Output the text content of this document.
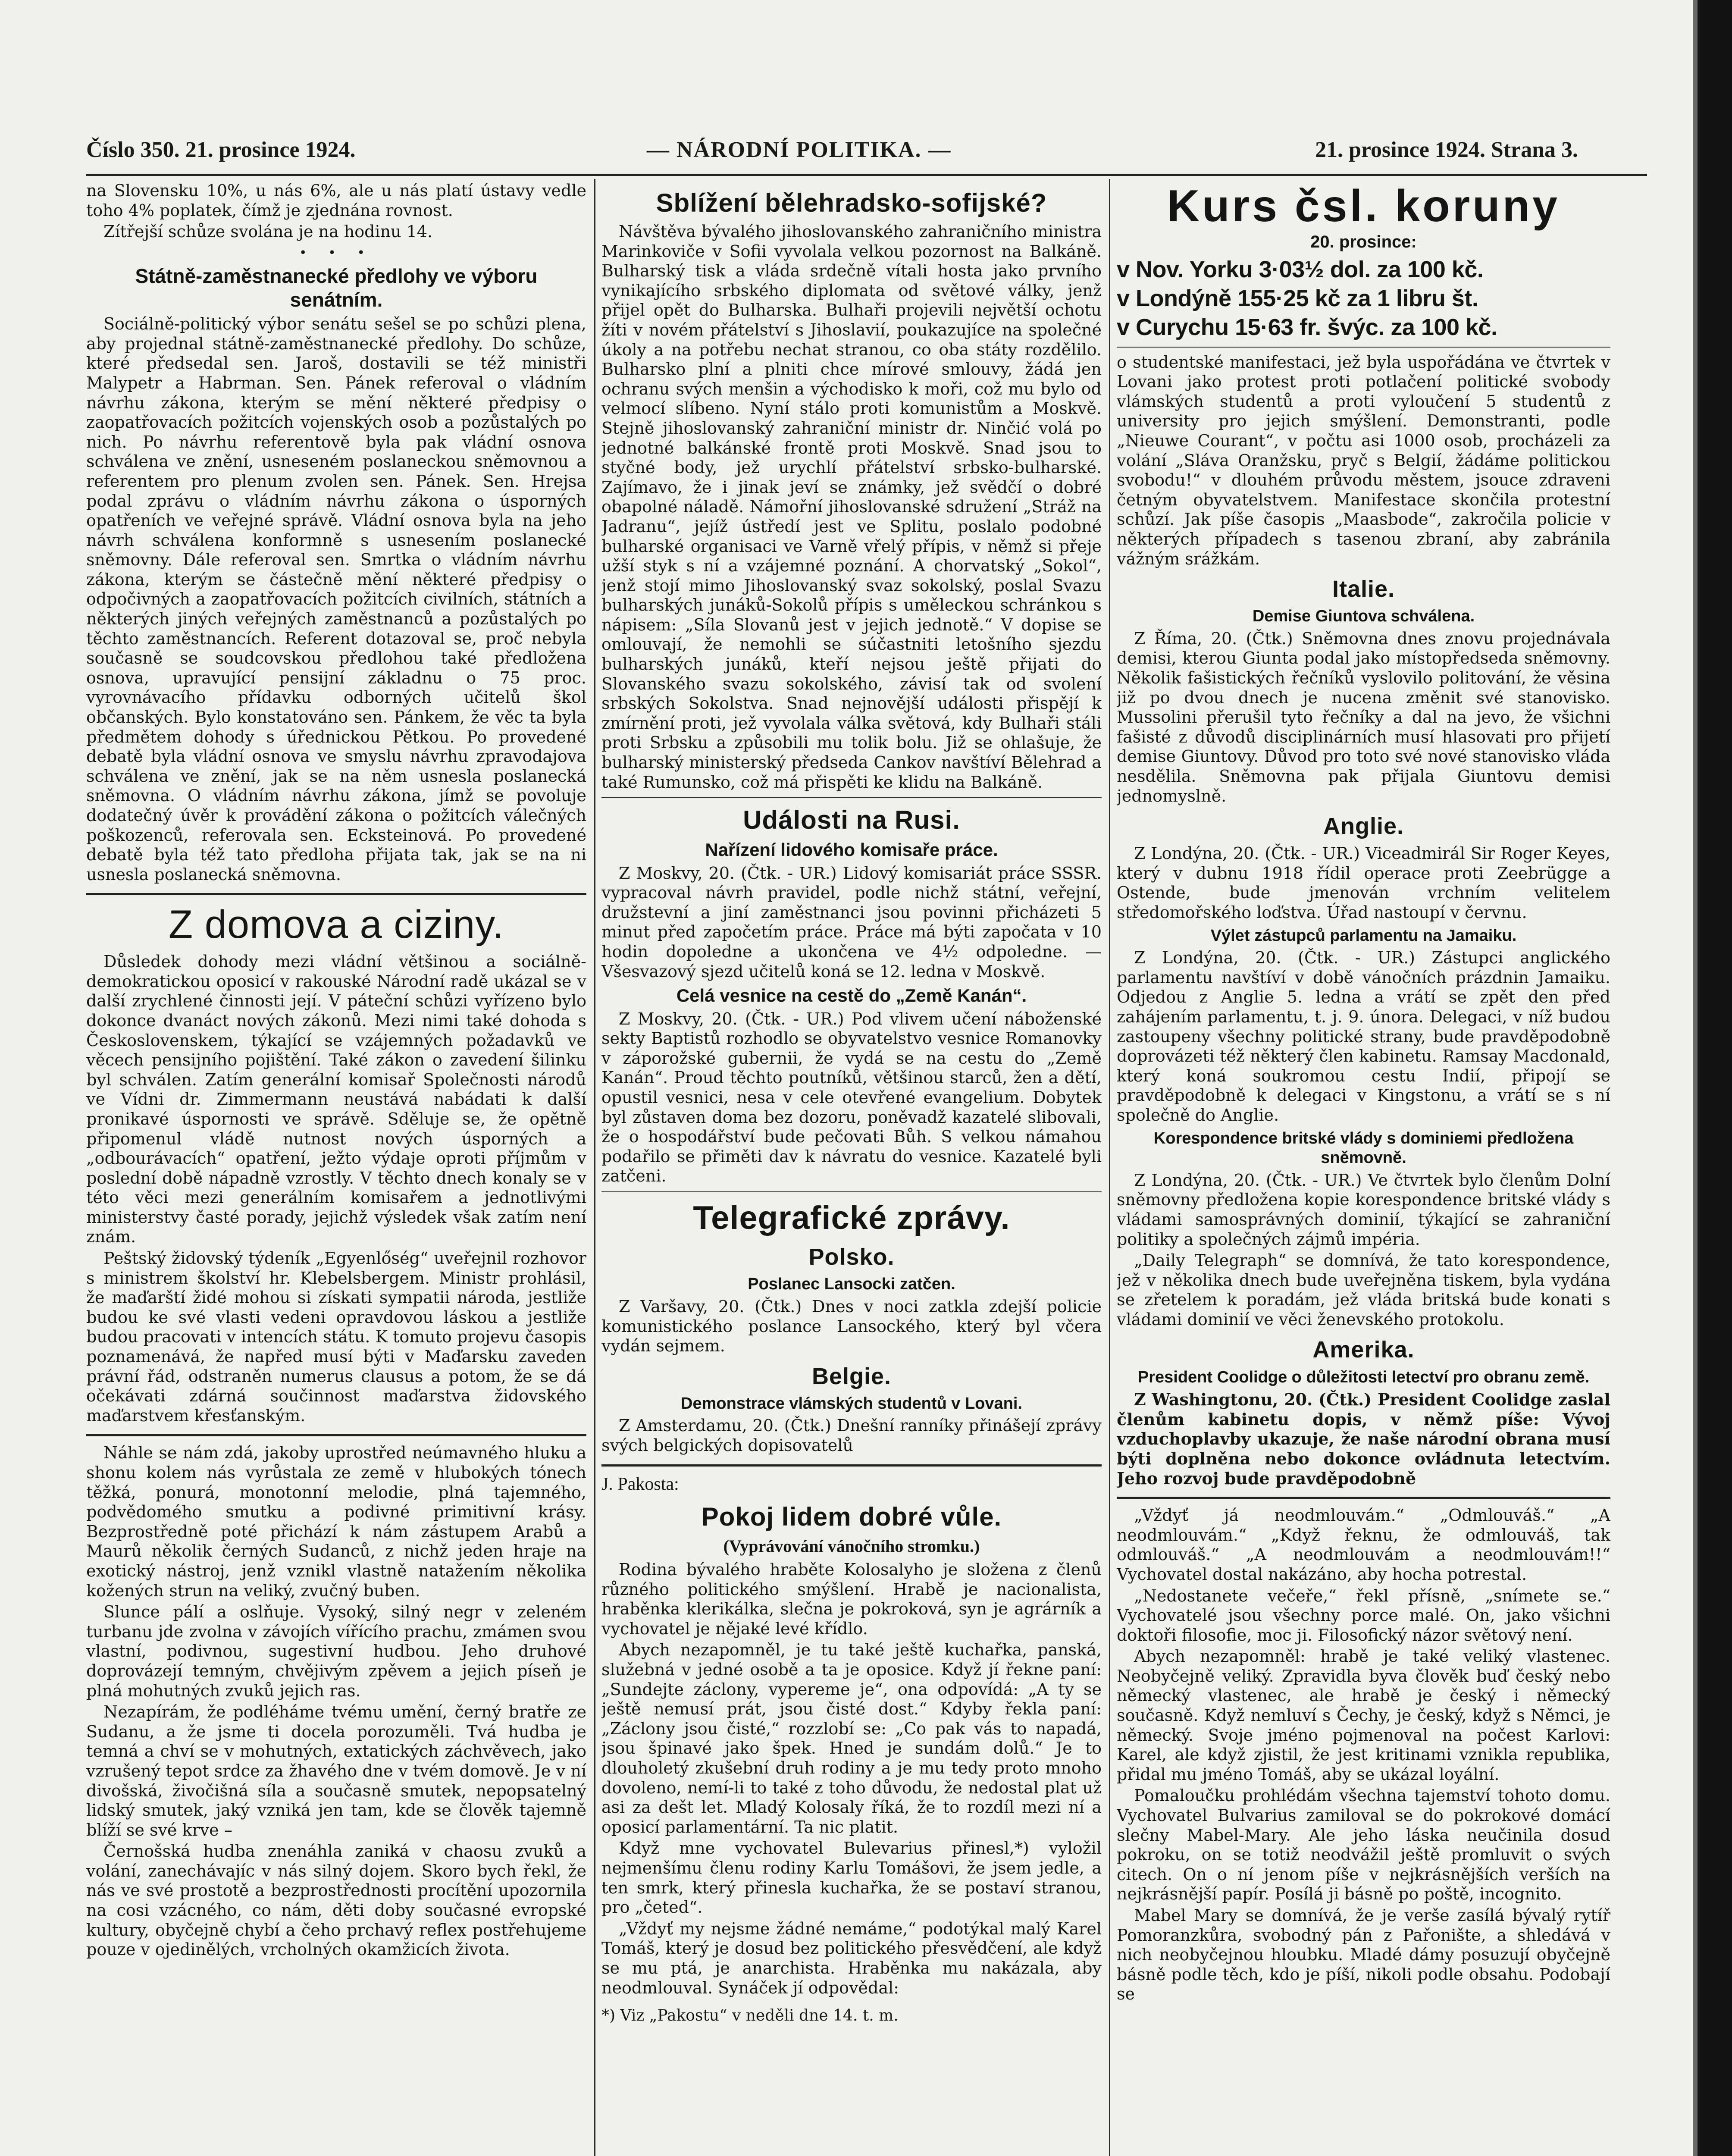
Číslo 350. 21. prosince 1924.	— NÁRODNÍ POLITIKA. —	21. prosince 1924. Strana 3.

na Slovensku 10%, u nás 6%, ale u nás platí ústavy vedle toho 4% poplatek, čímž je zjednána rovnost.

Zítřejší schůze svolána je na hodinu 14.

• • •
Státně-zaměstnanecké předlohy ve výboru senátním.

Sociálně-politický výbor senátu sešel se po schůzi plena, aby projednal státně-zaměstnanecké předlohy. Do schůze, které předsedal sen. Jaroš, dostavili se též ministři Malypetr a Habrman. Sen. Pánek referoval o vládním návrhu zákona, kterým se mění některé předpisy o zaopatřovacích požitcích vojenských osob a pozůstalých po nich. Po návrhu referentově byla pak vládní osnova schválena ve znění, usneseném poslaneckou sněmovnou a referentem pro plenum zvolen sen. Pánek. Sen. Hrejsa podal zprávu o vládním návrhu zákona o úsporných opatřeních ve veřejné správě. Vládní osnova byla na jeho návrh schválena konformně s usnesením poslanecké sněmovny. Dále referoval sen. Smrtka o vládním návrhu zákona, kterým se částečně mění některé předpisy o odpočivných a zaopatřovacích požitcích civilních, státních a některých jiných veřejných zaměstnanců a pozůstalých po těchto zaměstnancích. Referent dotazoval se, proč nebyla současně se soudcovskou předlohou také předložena osnova, upravující pensijní základnu o 75 proc. vyrovnávacího přídavku odborných učitelů škol občanských. Bylo konstatováno sen. Pánkem, že věc ta byla předmětem dohody s úřednickou Pětkou. Po provedené debatě byla vládní osnova ve smyslu návrhu zpravodajova schválena ve znění, jak se na něm usnesla poslanecká sněmovna. O vládním návrhu zákona, jímž se povoluje dodatečný úvěr k provádění zákona o požitcích válečných poškozenců, referovala sen. Ecksteinová. Po provedené debatě byla též tato předloha přijata tak, jak se na ni usnesla poslanecká sněmovna.

Z domova a ciziny.

Důsledek dohody mezi vládní většinou a sociálně-demokratickou oposicí v rakouské Národní radě ukázal se v další zrychlené činnosti její. V páteční schůzi vyřízeno bylo dokonce dvanáct nových zákonů. Mezi nimi také dohoda s Československem, týkající se vzájemných požadavků ve věcech pensijního pojištění. Také zákon o zavedení šilinku byl schválen. Zatím generální komisař Společnosti národů ve Vídni dr. Zimmermann neustává nabádati k další pronikavé úspornosti ve správě. Sděluje se, že opětně připomenul vládě nutnost nových úsporných a „odbourávacích“ opatření, ježto výdaje oproti příjmům v poslední době nápadně vzrostly. V těchto dnech konaly se v této věci mezi generálním komisařem a jednotlivými ministerstvy časté porady, jejichž výsledek však zatím není znám.

Peštský židovský týdeník „Egyenlőség“ uveřejnil rozhovor s ministrem školství hr. Klebelsbergem. Ministr prohlásil, že maďarští židé mohou si získati sympatii národa, jestliže budou ke své vlasti vedeni opravdovou láskou a jestliže budou pracovati v intencích státu. K tomuto projevu časopis poznamenává, že napřed musí býti v Maďarsku zaveden právní řád, odstraněn numerus clausus a potom, že se dá očekávati zdárná součinnost maďarstva židovského maďarstvem křesťanským.

Náhle se nám zdá, jakoby uprostřed neúmavného hluku a shonu kolem nás vyrůstala ze země v hlubokých tónech těžká, ponurá, monotonní melodie, plná tajemného, podvědomého smutku a podivné primitivní krásy. Bezprostředně poté přichází k nám zástupem Arabů a Maurů několik černých Sudanců, z nichž jeden hraje na exotický nástroj, jenž vznikl vlastně natažením několika kožených strun na veliký, zvučný buben.

Slunce pálí a oslňuje. Vysoký, silný negr v zeleném turbanu jde zvolna v závojích vířícího prachu, zmámen svou vlastní, podivnou, sugestivní hudbou. Jeho druhové doprovázejí temným, chvějivým zpěvem a jejich píseň je plná mohutných zvuků jejich ras.

Nezapírám, že podléháme tvému umění, černý bratře ze Sudanu, a že jsme ti docela porozuměli. Tvá hudba je temná a chví se v mohutných, extatických záchvěvech, jako vzrušený tepot srdce za žhavého dne v tvém domově. Je v ní divošská, živočišná síla a současně smutek, nepopsatelný lidský smutek, jaký vzniká jen tam, kde se člověk tajemně blíží se své krve –

Černošská hudba znenáhla zaniká v chaosu zvuků a volání, zanechávajíc v nás silný dojem. Skoro bych řekl, že nás ve své prostotě a bezprostřednosti procítění upozornila na cosi vzácného, co nám, děti doby současné evropské kultury, obyčejně chybí a čeho prchavý reflex postřehujeme pouze v ojedinělých, vrcholných okamžicích života.

Sblížení bělehradsko-sofijské?

Návštěva bývalého jihoslovanského zahraničního ministra Marinkoviče v Sofii vyvolala velkou pozornost na Balkáně. Bulharský tisk a vláda srdečně vítali hosta jako prvního vynikajícího srbského diplomata od světové války, jenž přijel opět do Bulharska. Bulhaři projevili největší ochotu žíti v novém přátelství s Jihoslavií, poukazujíce na společné úkoly a na potřebu nechat stranou, co oba státy rozdělilo. Bulharsko plní a plniti chce mírové smlouvy, žádá jen ochranu svých menšin a východisko k moři, což mu bylo od velmocí slíbeno. Nyní stálo proti komunistům a Moskvě. Stejně jihoslovanský zahraniční ministr dr. Ninčić volá po jednotné balkánské frontě proti Moskvě. Snad jsou to styčné body, jež urychlí přátelství srbsko-bulharské. Zajímavo, že i jinak jeví se známky, jež svědčí o dobré obapolné náladě. Námořní jihoslovanské sdružení „Stráž na Jadranu“, jejíž ústředí jest ve Splitu, poslalo podobné bulharské organisaci ve Varně vřelý přípis, v němž si přeje užší styk s ní a vzájemné poznání. A chorvatský „Sokol“, jenž stojí mimo Jihoslovanský svaz sokolský, poslal Svazu bulharských junáků-Sokolů přípis s uměleckou schránkou s nápisem: „Síla Slovanů jest v jejich jednotě.“ V dopise se omlouvají, že nemohli se súčastniti letošního sjezdu bulharských junáků, kteří nejsou ještě přijati do Slovanského svazu sokolského, závisí tak od svolení srbských Sokolstva. Snad nejnovější události přispějí k zmírnění proti, jež vyvolala válka světová, kdy Bulhaři stáli proti Srbsku a způsobili mu tolik bolu. Již se ohlašuje, že bulharský ministerský předseda Cankov navštíví Bělehrad a také Rumunsko, což má přispěti ke klidu na Balkáně.

Události na Rusi.
Nařízení lidového komisaře práce.

Z Moskvy, 20. (Čtk. - UR.) Lidový komisariát práce SSSR. vypracoval návrh pravidel, podle nichž státní, veřejní, družstevní a jiní zaměstnanci jsou povinni přicházeti 5 minut před započetím práce. Práce má býti započata v 10 hodin dopoledne a ukončena ve 4½ odpoledne. — Všesvazový sjezd učitelů koná se 12. ledna v Moskvě.

Celá vesnice na cestě do „Země Kanán“.

Z Moskvy, 20. (Čtk. - UR.) Pod vlivem učení náboženské sekty Baptistů rozhodlo se obyvatelstvo vesnice Romanovky v záporožské gubernii, že vydá se na cestu do „Země Kanán“. Proud těchto poutníků, většinou starců, žen a dětí, opustil vesnici, nesa v cele otevřené evangelium. Dobytek byl zůstaven doma bez dozoru, poněvadž kazatelé slibovali, že o hospodářství bude pečovati Bůh. S velkou námahou podařilo se přiměti dav k návratu do vesnice. Kazatelé byli zatčeni.

Telegrafické zprávy.
Polsko.
Poslanec Lansocki zatčen.

Z Varšavy, 20. (Čtk.) Dnes v noci zatkla zdejší policie komunistického poslance Lansockého, který byl včera vydán sejmem.

Belgie.
Demonstrace vlámských studentů v Lovani.

Z Amsterdamu, 20. (Čtk.) Dnešní ranníky přinášejí zprávy svých belgických dopisovatelů

J. Pakosta:
Pokoj lidem dobré vůle.
(Vyprávování vánočního stromku.)

Rodina bývalého hraběte Kolosalyho je složena z členů různého politického smýšlení. Hrabě je nacionalista, hraběnka klerikálka, slečna je pokroková, syn je agrárník a vychovatel je nějaké levé křídlo.

Abych nezapomněl, je tu také ještě kuchařka, panská, služebná v jedné osobě a ta je oposice. Když jí řekne paní: „Sundejte záclony, vypereme je“, ona odpovídá: „A ty se ještě nemusí prát, jsou čisté dost.“ Kdyby řekla paní: „Záclony jsou čisté,“ rozzlobí se: „Co pak vás to napadá, jsou špinavé jako špek. Hned je sundám dolů.“ Je to dlouholetý zkušební druh rodiny a je mu tedy proto mnoho dovoleno, nemí-li to také z toho důvodu, že nedostal plat už asi za dešt let. Mladý Kolosaly říká, že to rozdíl mezi ní a oposicí parlamentární. Ta nic platit.

Když mne vychovatel Bulevarius přinesl,*) vyložil nejmenšímu členu rodiny Karlu Tomášovi, že jsem jedle, a ten smrk, který přinesla kuchařka, že se postaví stranou, pro „četed“.

„Vždyť my nejsme žádné nemáme,“ podotýkal malý Karel Tomáš, který je dosud bez politického přesvědčení, ale když se mu ptá, je anarchista. Hraběnka mu nakázala, aby neodmlouval. Synáček jí odpovědal:

*) Viz „Pakostu“ v neděli dne 14. t. m.
Kurs čsl. koruny
20. prosince:
v Nov. Yorku 3·03½ dol. za 100 kč.
v Londýně 155·25 kč za 1 libru št.
v Curychu 15·63 fr. švýc. za 100 kč.

o studentské manifestaci, jež byla uspořádána ve čtvrtek v Lovani jako protest proti potlačení politické svobody vlámských studentů a proti vyloučení 5 studentů z university pro jejich smýšlení. Demonstranti, podle „Nieuwe Courant“, v počtu asi 1000 osob, procházeli za volání „Sláva Oranžsku, pryč s Belgií, žádáme politickou svobodu!“ v dlouhém průvodu městem, jsouce zdraveni četným obyvatelstvem. Manifestace skončila protestní schůzí. Jak píše časopis „Maasbode“, zakročila policie v některých případech s tasenou zbraní, aby zabránila vážným srážkám.

Italie.
Demise Giuntova schválena.

Z Říma, 20. (Čtk.) Sněmovna dnes znovu projednávala demisi, kterou Giunta podal jako místopředseda sněmovny. Několik fašistických řečníků vyslovilo politování, že věsina již po dvou dnech je nucena změnit své stanovisko. Mussolini přerušil tyto řečníky a dal na jevo, že všichni fašisté z důvodů disciplinárních musí hlasovati pro přijetí demise Giuntovy. Důvod pro toto své nové stanovisko vláda nesdělila. Sněmovna pak přijala Giuntovu demisi jednomyslně.

Anglie.

Z Londýna, 20. (Čtk. - UR.) Viceadmirál Sir Roger Keyes, který v dubnu 1918 řídil operace proti Zeebrügge a Ostende, bude jmenován vrchním velitelem středomořského loďstva. Úřad nastoupí v červnu.

Výlet zástupců parlamentu na Jamaiku.

Z Londýna, 20. (Čtk. - UR.) Zástupci anglického parlamentu navštíví v době vánočních prázdnin Jamaiku. Odjedou z Anglie 5. ledna a vrátí se zpět den před zahájením parlamentu, t. j. 9. února. Delegaci, v níž budou zastoupeny všechny politické strany, bude pravděpodobně doprovázeti též některý člen kabinetu. Ramsay Macdonald, který koná soukromou cestu Indií, připojí se pravděpodobně k delegaci v Kingstonu, a vrátí se s ní společně do Anglie.

Korespondence britské vlády s dominiemi předložena sněmovně.

Z Londýna, 20. (Čtk. - UR.) Ve čtvrtek bylo členům Dolní sněmovny předložena kopie korespondence britské vlády s vládami samosprávných dominií, týkající se zahraniční politiky a společných zájmů impéria.

„Daily Telegraph“ se domnívá, že tato korespondence, jež v několika dnech bude uveřejněna tiskem, byla vydána se zřetelem k poradám, jež vláda britská bude konati s vládami dominií ve věci ženevského protokolu.

Amerika.
President Coolidge o důležitosti letectví pro obranu země.

Z Washingtonu, 20. (Čtk.) President Coolidge zaslal členům kabinetu dopis, v němž píše: Vývoj vzduchoplavby ukazuje, že naše národní obrana musí býti doplněna nebo dokonce ovládnuta letectvím. Jeho rozvoj bude pravděpodobně

„Vždyť já neodmlouvám.“ „Odmlouváš.“ „A neodmlouvám.“ „Když řeknu, že odmlouváš, tak odmlouváš.“ „A neodmlouvám a neodmlouvám!!“ Vychovatel dostal nakázáno, aby hocha potrestal.

„Nedostanete večeře,“ řekl přísně, „snímete se.“ Vychovatelé jsou všechny porce malé. On, jako všichni doktoři filosofie, moc ji. Filosofický názor světový není.

Abych nezapomněl: hrabě je také veliký vlastenec. Neobyčejně veliký. Zpravidla byva člověk buď český nebo německý vlastenec, ale hrabě je český i německý současně. Když nemluví s Čechy, je český, když s Němci, je německý. Svoje jméno pojmenoval na počest Karlovi: Karel, ale když zjistil, že jest kritinami vznikla republika, přidal mu jméno Tomáš, aby se ukázal loyální.

Pomaloučku prohlédám všechna tajemství tohoto domu. Vychovatel Bulvarius zamiloval se do pokrokové domácí slečny Mabel-Mary. Ale jeho láska neučinila dosud pokroku, on se totiž neodvážil ještě promluvit o svých citech. On o ní jenom píše v nejkrásnějších verších na nejkrásnější papír. Posílá ji básně po poště, incognito.

Mabel Mary se domnívá, že je verše zasílá bývalý rytíř Pomoranzkůra, svobodný pán z Pařonište, a shledává v nich neobyčejnou hloubku. Mladé dámy posuzují obyčejně básně podle těch, kdo je píší, nikoli podle obsahu. Podobají se
